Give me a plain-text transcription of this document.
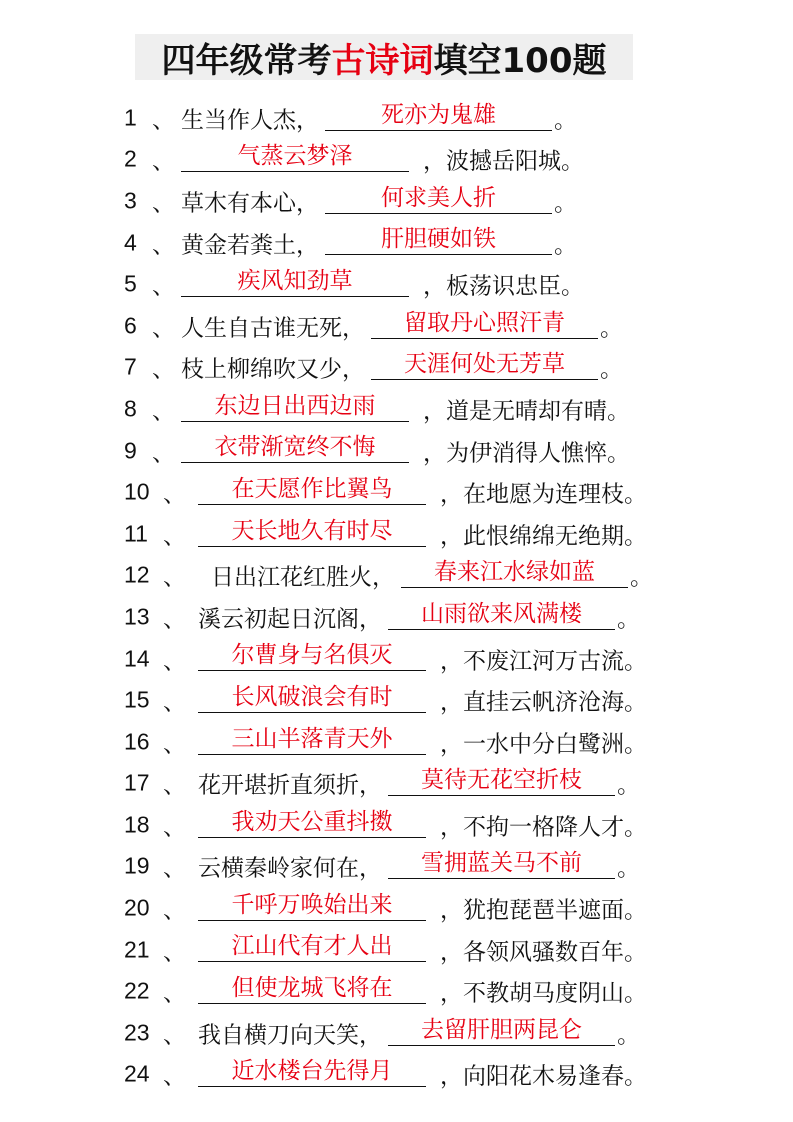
四年级常考 古诗词 填空100题
1 、 生当作人杰，	死亦为鬼雄	。
2 、	气蒸云梦泽	，波撼岳阳城。
3 、 草木有本心，	何求美人折	。
4 、 黄金若粪土，	肝胆硬如铁	。
5 、	疾风知劲草	，板荡识忠臣。
6 、 人生自古谁无死，	留取丹心照汗青	。
7 、 枝上柳绵吹又少，	天涯何处无芳草	。
8 、	东边日出西边雨	，道是无晴却有晴。
9 、	衣带渐宽终不悔	，为伊消得人憔悴。
10 、	在天愿作比翼鸟	，在地愿为连理枝。
11 、	天长地久有时尽	，此恨绵绵无绝期。
12 、 日出江花红胜火，	春来江水绿如蓝	。
13 、 溪云初起日沉阁，	山雨欲来风满楼	。
14 、	尔曹身与名俱灭	，不废江河万古流。
15 、	长风破浪会有时	，直挂云帆济沧海。
16 、	三山半落青天外	，一水中分白鹭洲。
17 、 花开堪折直须折，	莫待无花空折枝	。
18 、	我劝天公重抖擞	，不拘一格降人才。
19 、 云横秦岭家何在，	雪拥蓝关马不前	。
20 、	千呼万唤始出来	，犹抱琵琶半遮面。
21 、	江山代有才人出	，各领风骚数百年。
22 、	但使龙城飞将在	，不教胡马度阴山。
23 、 我自横刀向天笑，	去留肝胆两昆仑	。
24 、	近水楼台先得月	，向阳花木易逢春。
